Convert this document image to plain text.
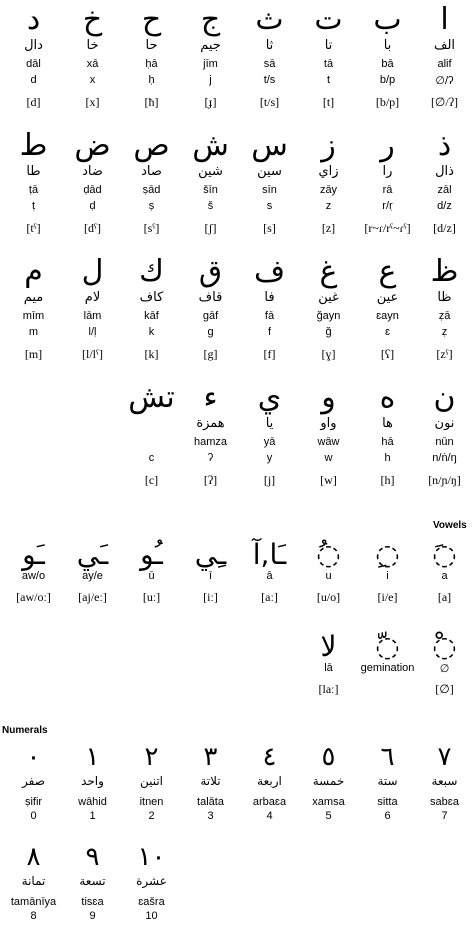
د
دال
dāl
d
[d]
خ
خا
xā
x
[x]
ح
حا
ḥā
ḥ
[ħ]
ج
جيم
jīm
j
[ɟ]
ث
ثا
sā
t/s
[t/s]
ت
تا
tā
t
[t]
ب
با
bā
b/p
[b/p]
ا
الف
alif
∅/ʔ
[∅/ʔ]
ط
طا
ṭā
ṭ
[tˤ]
ض
ضاد
ḍād
ḍ
[dˤ]
ص
صاد
ṣād
ṣ
[sˤ]
ش
شين
šīn
š
[ʃ]
س
سين
sīn
s
[s]
ز
زاي
zāy
z
[z]
ر
را
rā
r/ṛ
[r~ɾ/rˤ~ɾˤ]
ذ
ذال
zāl
d/z
[d/z]
م
ميم
mīm
m
[m]
ل
لام
lām
l/ḷ
[l/lˤ]
ك
كاف
kāf
k
[k]
ق
قاف
gāf
g
[g]
ف
فا
fā
f
[f]
غ
غين
ğayn
ğ
[ɣ]
ع
عين
ɛayn
ɛ
[ʕ]
ظ
ظا
ẓā
ẓ
[zˤ]
تش
c
[c]
ء
همزة
hamza
ʔ
[ʔ]
ي
يا
yā
y
[j]
و
واو
wāw
w
[w]
ه
ها
hā
h
[h]
ن
نون
nūn
n/ṅ/ŋ
[n/ɲ/ŋ]
Vowels
ـَو
aw/o
[aw/oː]
ـَي
ay/e
[aj/eː]
ـُو
ū
[uː]
ـِي
ī
[iː]
ـَا,آ
ā
[aː]
◌ُ
u
[u/o]
◌ِ
i
[i/e]
◌َ
a
[a]
لا
lā
[laː]
◌ّ
gemination
◌ْ
∅
[∅]
Numerals
٠
صفر
ṣifir
0
١
واحد
wāhid
1
٢
اتنين
itnen
2
٣
تلاتة
talāta
3
٤
اربعة
arbaɛa
4
٥
خمسة
xamsa
5
٦
ستة
sitta
6
٧
سبعة
sabɛa
7
٨
تمانة
tamānīya
8
٩
تسعة
tisɛa
9
١٠
عشرة
ɛašra
10
